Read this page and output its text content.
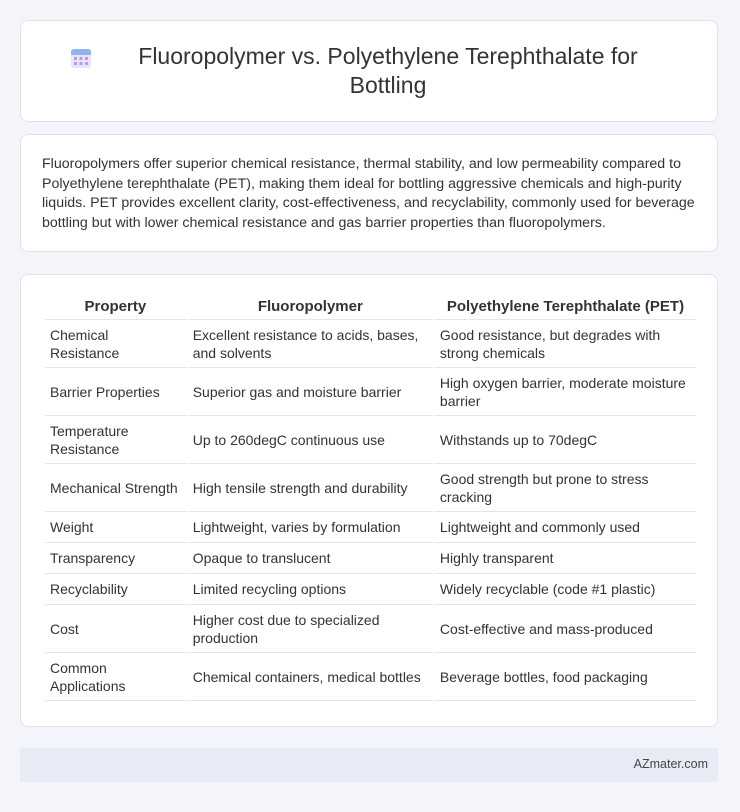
Fluoropolymer vs. Polyethylene Terephthalate for Bottling

Fluoropolymers offer superior chemical resistance, thermal stability, and low permeability compared to Polyethylene terephthalate (PET), making them ideal for bottling aggressive chemicals and high-purity liquids. PET provides excellent clarity, cost-effectiveness, and recyclability, commonly used for beverage bottling but with lower chemical resistance and gas barrier properties than fluoropolymers.

Property	Fluoropolymer	Polyethylene Terephthalate (PET)
Chemical Resistance	Excellent resistance to acids, bases, and solvents	Good resistance, but degrades with strong chemicals
Barrier Properties	Superior gas and moisture barrier	High oxygen barrier, moderate moisture barrier
Temperature Resistance	Up to 260degC continuous use	Withstands up to 70degC
Mechanical Strength	High tensile strength and durability	Good strength but prone to stress cracking
Weight	Lightweight, varies by formulation	Lightweight and commonly used
Transparency	Opaque to translucent	Highly transparent
Recyclability	Limited recycling options	Widely recyclable (code #1 plastic)
Cost	Higher cost due to specialized production	Cost-effective and mass-produced
Common Applications	Chemical containers, medical bottles	Beverage bottles, food packaging
AZmater.com
